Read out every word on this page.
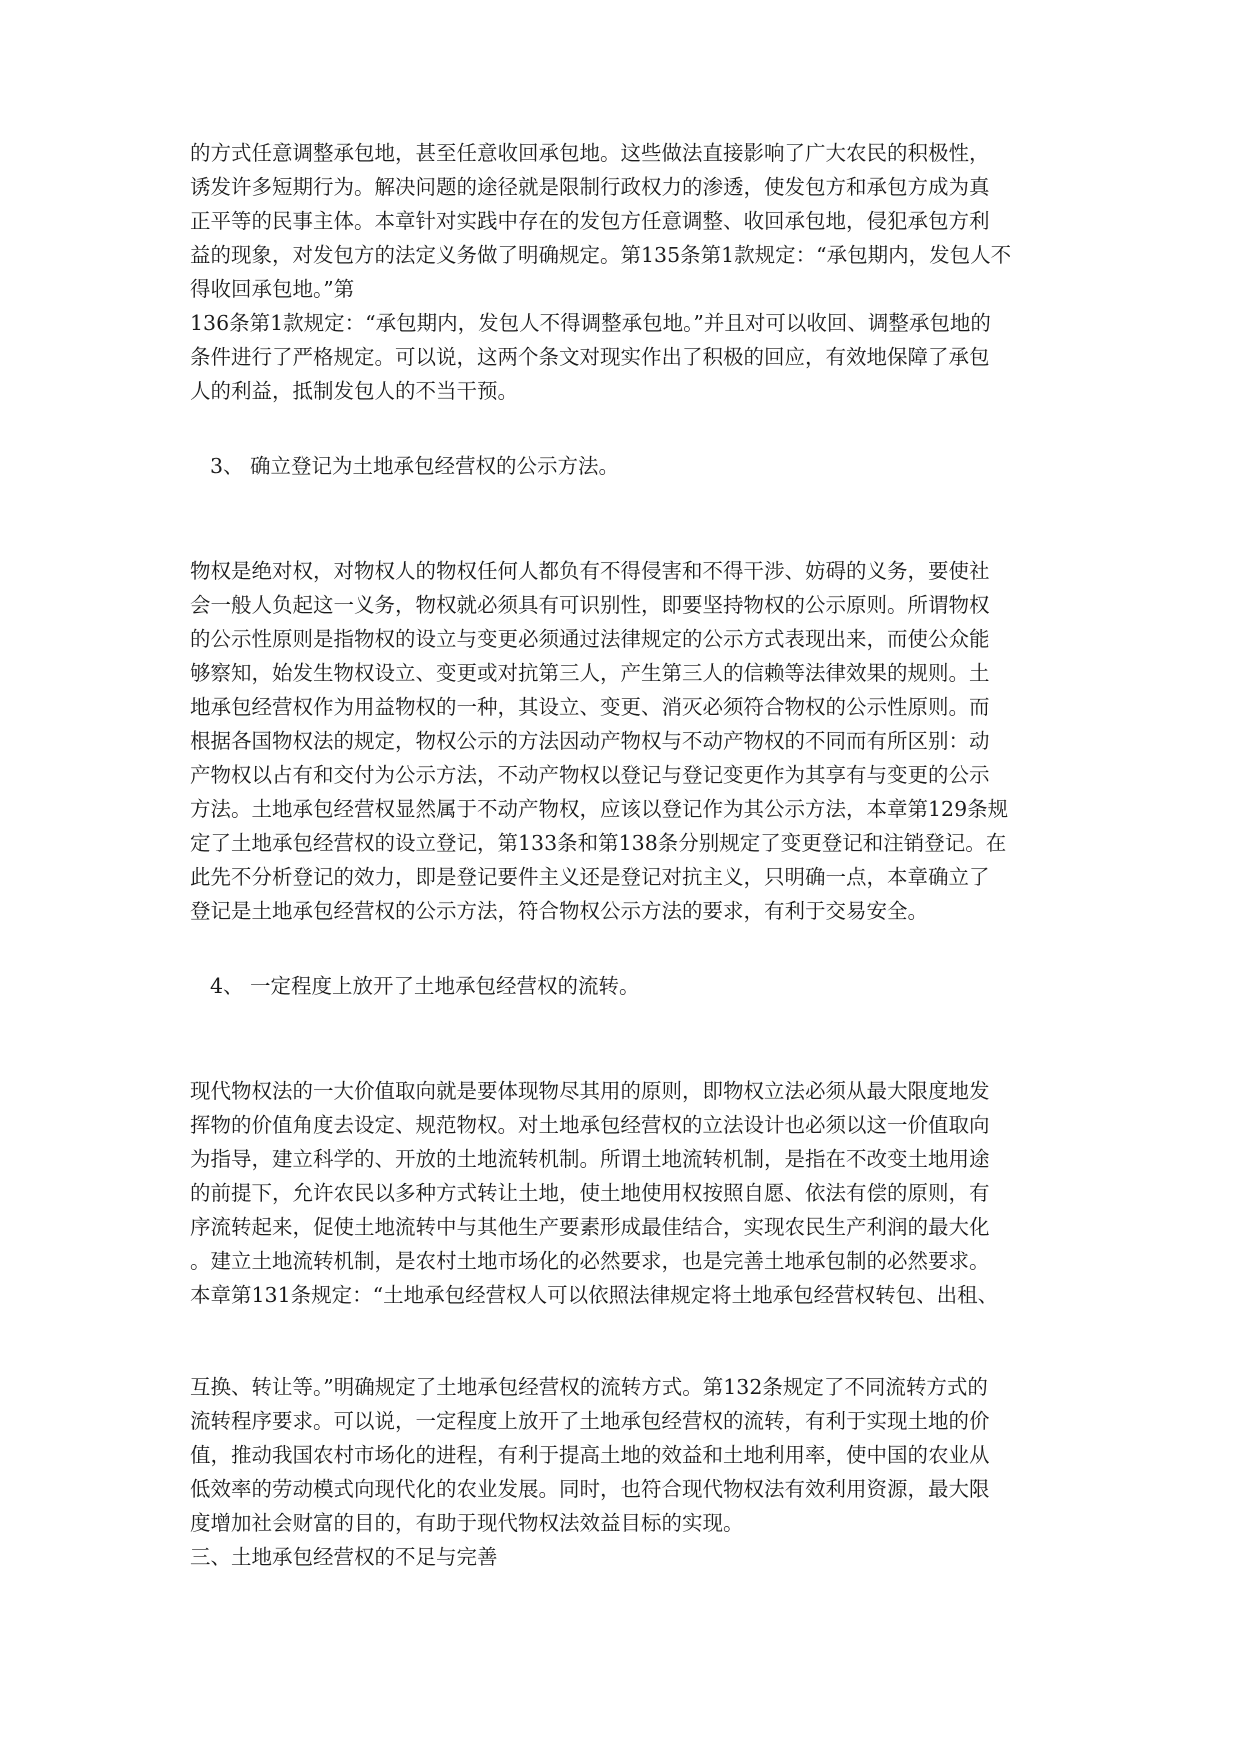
的方式任意调整承包地，甚至任意收回承包地。这些做法直接影响了广大农民的积极性，

诱发许多短期行为。解决问题的途径就是限制行政权力的渗透，使发包方和承包方成为真

正平等的民事主体。本章针对实践中存在的发包方任意调整、收回承包地，侵犯承包方利

益的现象，对发包方的法定义务做了明确规定。第135条第1款规定：“承包期内，发包人不

得收回承包地。”第

136条第1款规定：“承包期内，发包人不得调整承包地。”并且对可以收回、调整承包地的

条件进行了严格规定。可以说，这两个条文对现实作出了积极的回应，有效地保障了承包

人的利益，抵制发包人的不当干预。

3、 确立登记为土地承包经营权的公示方法。

物权是绝对权，对物权人的物权任何人都负有不得侵害和不得干涉、妨碍的义务，要使社

会一般人负起这一义务，物权就必须具有可识别性，即要坚持物权的公示原则。所谓物权

的公示性原则是指物权的设立与变更必须通过法律规定的公示方式表现出来，而使公众能

够察知，始发生物权设立、变更或对抗第三人，产生第三人的信赖等法律效果的规则。土

地承包经营权作为用益物权的一种，其设立、变更、消灭必须符合物权的公示性原则。而

根据各国物权法的规定，物权公示的方法因动产物权与不动产物权的不同而有所区别：动

产物权以占有和交付为公示方法，不动产物权以登记与登记变更作为其享有与变更的公示

方法。土地承包经营权显然属于不动产物权，应该以登记作为其公示方法，本章第129条规

定了土地承包经营权的设立登记，第133条和第138条分别规定了变更登记和注销登记。在

此先不分析登记的效力，即是登记要件主义还是登记对抗主义，只明确一点，本章确立了

登记是土地承包经营权的公示方法，符合物权公示方法的要求，有利于交易安全。

4、 一定程度上放开了土地承包经营权的流转。

现代物权法的一大价值取向就是要体现物尽其用的原则，即物权立法必须从最大限度地发

挥物的价值角度去设定、规范物权。对土地承包经营权的立法设计也必须以这一价值取向

为指导，建立科学的、开放的土地流转机制。所谓土地流转机制，是指在不改变土地用途

的前提下，允许农民以多种方式转让土地，使土地使用权按照自愿、依法有偿的原则，有

序流转起来，促使土地流转中与其他生产要素形成最佳结合，实现农民生产利润的最大化

。建立土地流转机制，是农村土地市场化的必然要求，也是完善土地承包制的必然要求。

本章第131条规定：“土地承包经营权人可以依照法律规定将土地承包经营权转包、出租、

互换、转让等。”明确规定了土地承包经营权的流转方式。第132条规定了不同流转方式的

流转程序要求。可以说，一定程度上放开了土地承包经营权的流转，有利于实现土地的价

值，推动我国农村市场化的进程，有利于提高土地的效益和土地利用率，使中国的农业从

低效率的劳动模式向现代化的农业发展。同时，也符合现代物权法有效利用资源，最大限

度增加社会财富的目的，有助于现代物权法效益目标的实现。

三、土地承包经营权的不足与完善
